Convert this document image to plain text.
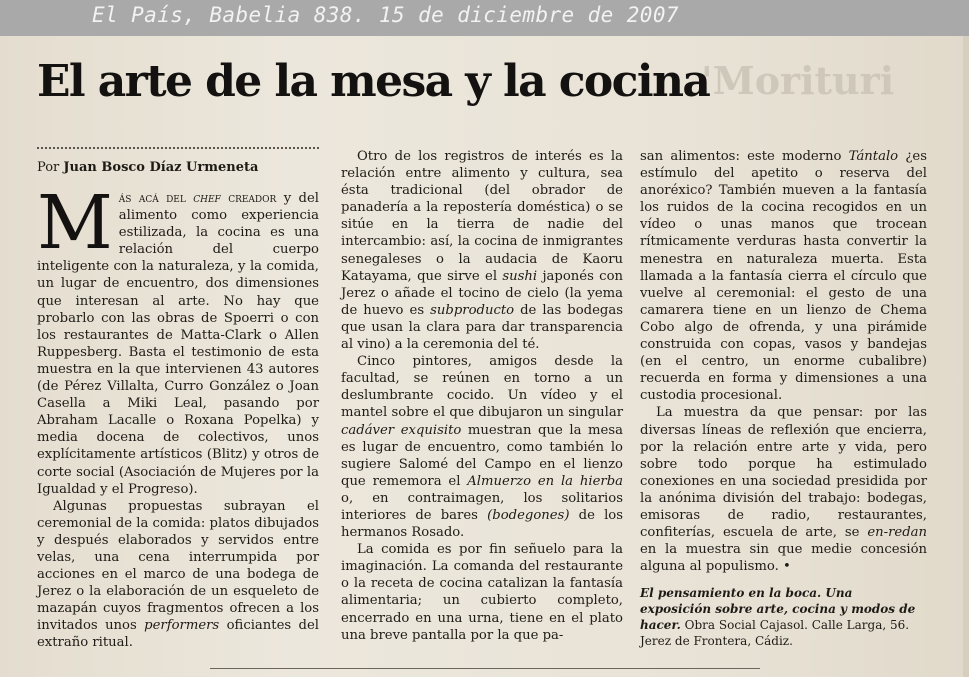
El País, Babelia 838. 15 de diciembre de 2007
'Morituri
El arte de la mesa y la cocina
Por Juan Bosco Díaz Urmeneta

Más acá del chef creador y del alimento como experiencia estilizada, la cocina es una relación del cuerpo inteligente con la naturaleza, y la comida, un lugar de encuentro, dos dimensiones que interesan al arte. No hay que probarlo con las obras de Spoerri o con los restaurantes de Matta-Clark o Allen Ruppesberg. Basta el testimonio de esta muestra en la que intervienen 43 autores (de Pérez Villalta, Curro González o Joan Casella a Miki Leal, pasando por Abraham Lacalle o Roxana Popelka) y media docena de colectivos, unos explícitamente artísticos (Blitz) y otros de corte social (Asociación de Mujeres por la Igualdad y el Progreso).

Algunas propuestas subrayan el ceremonial de la comida: platos dibujados y después elaborados y servidos entre velas, una cena interrumpida por acciones en el marco de una bodega de Jerez o la elaboración de un esqueleto de mazapán cuyos fragmentos ofrecen a los invitados unos performers oficiantes del extraño ritual.

Otro de los registros de interés es la relación entre alimento y cultura, sea ésta tradicional (del obrador de panadería a la repostería doméstica) o se sitúe en la tierra de nadie del intercambio: así, la cocina de inmigrantes senegaleses o la audacia de Kaoru Katayama, que sirve el sushi japonés con Jerez o añade el tocino de cielo (la yema de huevo es subproducto de las bodegas que usan la clara para dar transparencia al vino) a la ceremonia del té.

Cinco pintores, amigos desde la facultad, se reúnen en torno a un deslumbrante cocido. Un vídeo y el mantel sobre el que dibujaron un singular cadáver exquisito muestran que la mesa es lugar de encuentro, como también lo sugiere Salomé del Campo en el lienzo que rememora el Almuerzo en la hierba o, en contraimagen, los solitarios interiores de bares (bodegones) de los hermanos Rosado.

La comida es por fin señuelo para la imaginación. La comanda del restaurante o la receta de cocina catalizan la fantasía alimentaria; un cubierto completo, encerrado en una urna, tiene en el plato una breve pantalla por la que pa-

san alimentos: este moderno Tántalo ¿es estímulo del apetito o reserva del anoréxico? También mueven a la fantasía los ruidos de la cocina recogidos en un vídeo o unas manos que trocean rítmicamente verduras hasta convertir la menestra en naturaleza muerta. Esta llamada a la fantasía cierra el círculo que vuelve al ceremonial: el gesto de una camarera tiene en un lienzo de Chema Cobo algo de ofrenda, y una pirámide construida con copas, vasos y bandejas (en el centro, un enorme cubalibre) recuerda en forma y dimensiones a una custodia procesional.

La muestra da que pensar: por las diversas líneas de reflexión que encierra, por la relación entre arte y vida, pero sobre todo porque ha estimulado conexiones en una sociedad presidida por la anónima división del trabajo: bodegas, emisoras de radio, restaurantes, confiterías, escuela de arte, se en-redan en la muestra sin que medie concesión alguna al populismo. •

El pensamiento en la boca. Una exposición sobre arte, cocina y modos de hacer. Obra Social Cajasol. Calle Larga, 56. Jerez de Frontera, Cádiz.
